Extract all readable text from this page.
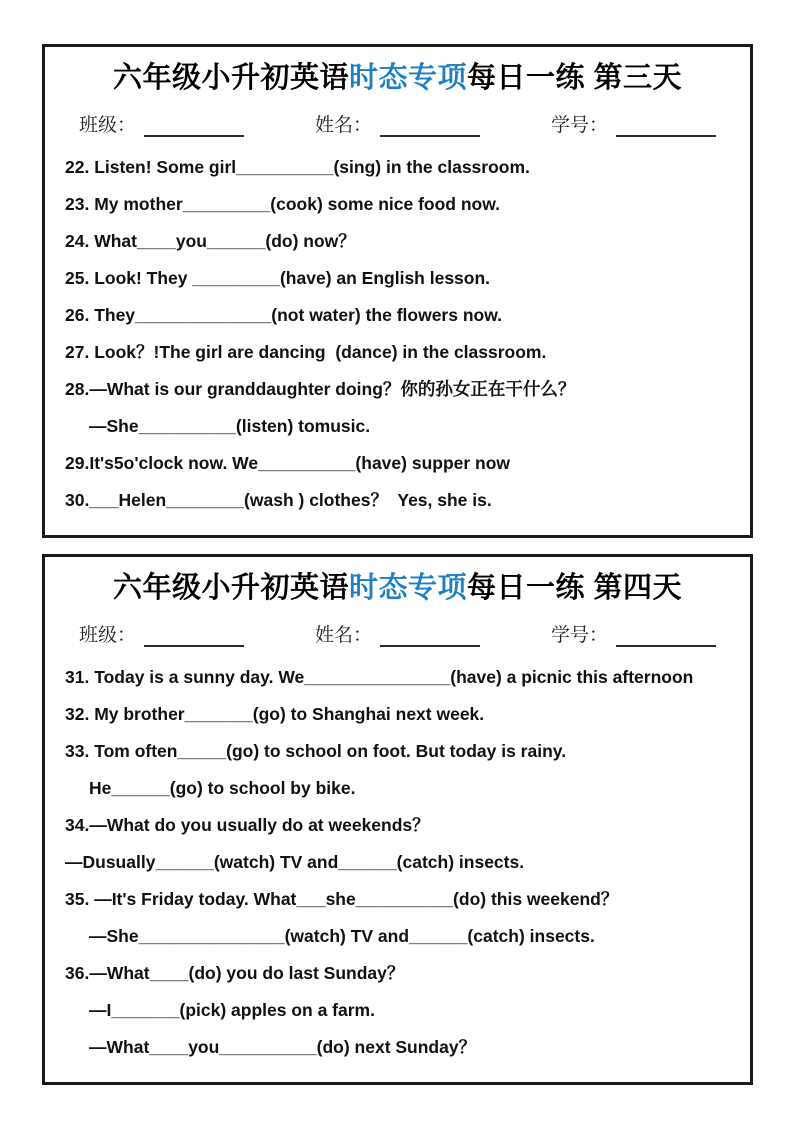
六年级小升初英语时态专项每日一练 第三天
班级：	姓名：	学号：
22. Listen! Some girl__________(sing) in the classroom.
23. My mother_________(cook) some nice food now.
24. What____you______(do) now？
25. Look! They _________(have) an English lesson.
26. They______________(not water) the flowers now.
27. Look？!The girl are dancing  (dance) in the classroom.
28.—What is our granddaughter doing？你的孙女正在干什么？
—She__________(listen) tomusic.
29.It's5o'clock now. We__________(have) supper now
30.___Helen________(wash ) clothes？  Yes, she is.
六年级小升初英语时态专项每日一练 第四天
班级：	姓名：	学号：
31. Today is a sunny day. We_______________(have) a picnic this afternoon
32. My brother_______(go) to Shanghai next week.
33. Tom often_____(go) to school on foot. But today is rainy.
He______(go) to school by bike.
34.—What do you usually do at weekends？
—Dusually______(watch) TV and______(catch) insects.
35. —It's Friday today. What___she__________(do) this weekend？
—She_______________(watch) TV and______(catch) insects.
36.—What____(do) you do last Sunday？
—I_______(pick) apples on a farm.
—What____you__________(do) next Sunday？
